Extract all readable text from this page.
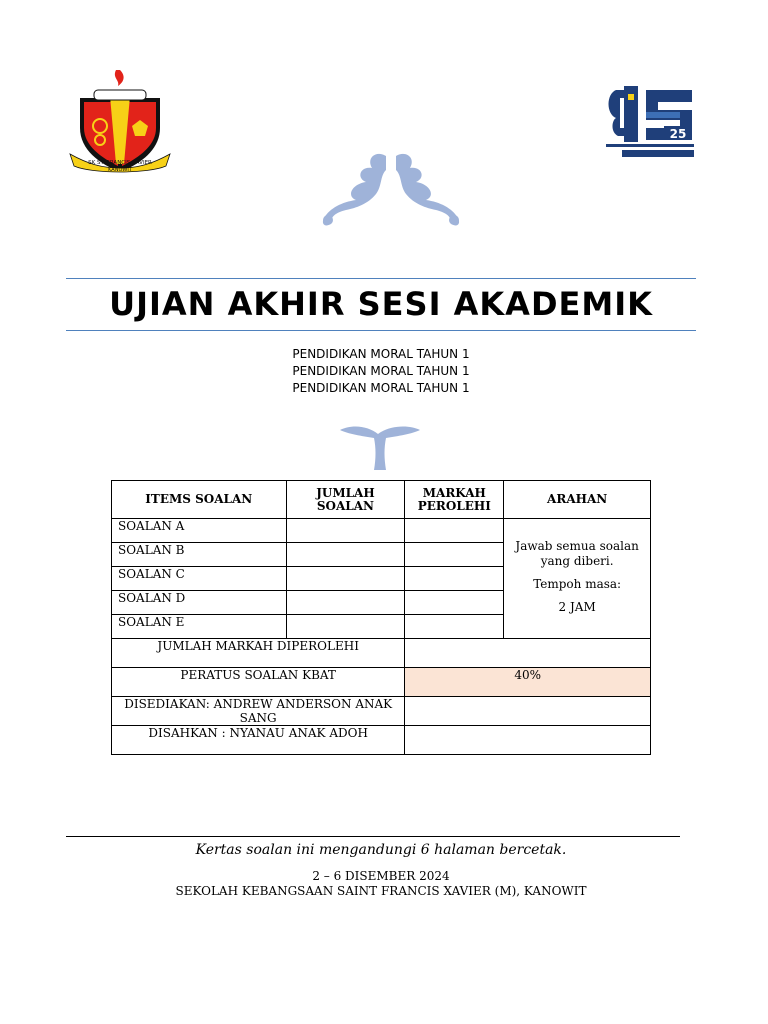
SK ST. FRANCIS XAVIER
KANOWIT
25
UJIAN AKHIR SESI AKADEMIK
PENDIDIKAN MORAL TAHUN 1
PENDIDIKAN MORAL TAHUN 1
PENDIDIKAN MORAL TAHUN 1
ITEMS SOALAN	JUMLAH SOALAN	MARKAH PEROLEHI	ARAHAN
SOALAN A			Jawab semua soalan yang diberi.

Tempoh masa:

2 JAM

SOALAN B			
SOALAN C			
SOALAN D			
SOALAN E			
JUMLAH MARKAH DIPEROLEHI			
PERATUS SOALAN KBAT		40%	
DISEDIAKAN: ANDREW ANDERSON ANAK SANG			
DISAHKAN : NYANAU ANAK ADOH			
Kertas soalan ini mengandungi 6 halaman bercetak.
2 – 6 DISEMBER 2024
SEKOLAH KEBANGSAAN SAINT FRANCIS XAVIER (M), KANOWIT
